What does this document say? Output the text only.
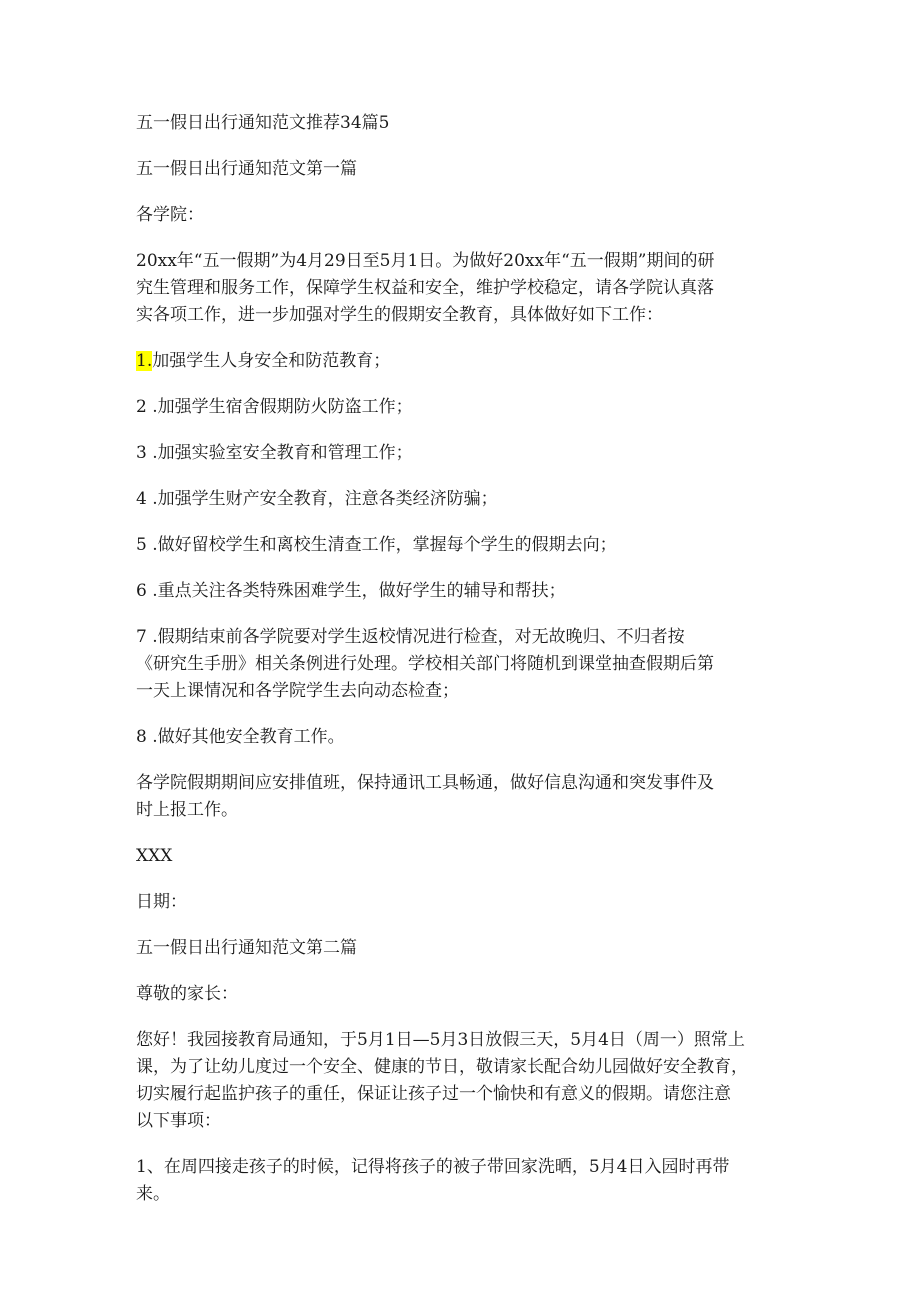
五一假日出行通知范文推荐34篇5

五一假日出行通知范文第一篇

各学院：

20xx年“五一假期”为4月29日至5月1日。为做好20xx年“五一假期”期间的研

究生管理和服务工作，保障学生权益和安全，维护学校稳定，请各学院认真落

实各项工作，进一步加强对学生的假期安全教育，具体做好如下工作：

1.加强学生人身安全和防范教育；

2 .加强学生宿舍假期防火防盗工作；

3 .加强实验室安全教育和管理工作；

4 .加强学生财产安全教育，注意各类经济防骗；

5 .做好留校学生和离校生清查工作，掌握每个学生的假期去向；

6 .重点关注各类特殊困难学生，做好学生的辅导和帮扶；

7 .假期结束前各学院要对学生返校情况进行检查，对无故晚归、不归者按

《研究生手册》相关条例进行处理。学校相关部门将随机到课堂抽查假期后第

一天上课情况和各学院学生去向动态检查；

8 .做好其他安全教育工作。

各学院假期期间应安排值班，保持通讯工具畅通，做好信息沟通和突发事件及

时上报工作。

XXX

日期：

五一假日出行通知范文第二篇

尊敬的家长：

您好！我园接教育局通知，于5月1日—5月3日放假三天，5月4日（周一）照常上

课，为了让幼儿度过一个安全、健康的节日，敬请家长配合幼儿园做好安全教育，

切实履行起监护孩子的重任，保证让孩子过一个愉快和有意义的假期。请您注意

以下事项：

1、在周四接走孩子的时候，记得将孩子的被子带回家洗晒，5月4日入园时再带

来。
